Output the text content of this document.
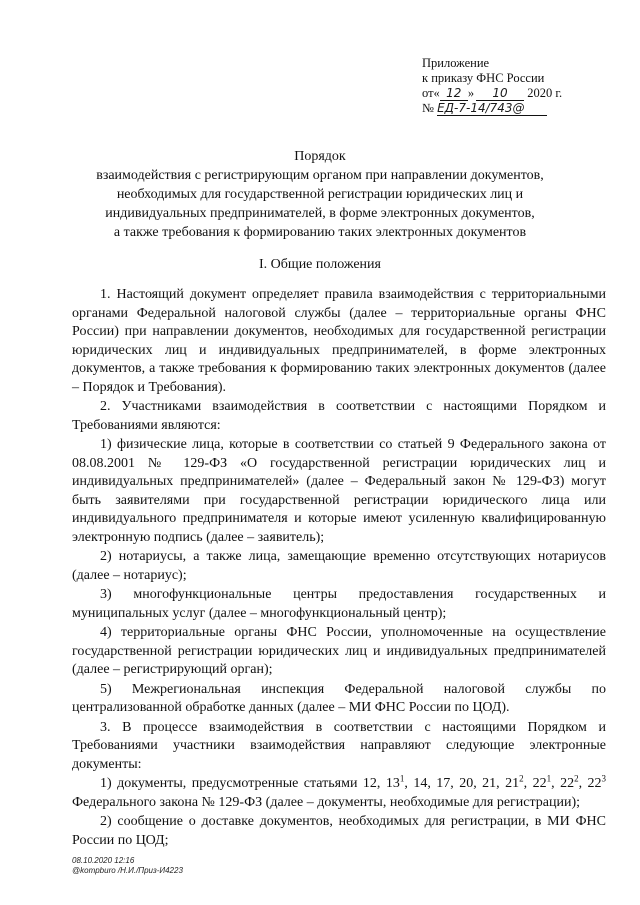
Приложение
к приказу ФНС России
от« 12 » 10 2020 г.
№ ЕД-7-14/743@
Порядок
взаимодействия с регистрирующим органом при направлении документов,
необходимых для государственной регистрации юридических лиц и
индивидуальных предпринимателей, в форме электронных документов,
а также требования к формированию таких электронных документов
I. Общие положения

1. Настоящий документ определяет правила взаимодействия с территориальными органами Федеральной налоговой службы (далее – территориальные органы ФНС России) при направлении документов, необходимых для государственной регистрации юридических лиц и индивидуальных предпринимателей, в форме электронных документов, а также требования к формированию таких электронных документов (далее – Порядок и Требования).

2. Участниками взаимодействия в соответствии с настоящими Порядком и Требованиями являются:

1) физические лица, которые в соответствии со статьей 9 Федерального закона от 08.08.2001 № 129-ФЗ «О государственной регистрации юридических лиц и индивидуальных предпринимателей» (далее – Федеральный закон № 129-ФЗ) могут быть заявителями при государственной регистрации юридического лица или индивидуального предпринимателя и которые имеют усиленную квалифицированную электронную подпись (далее – заявитель);

2) нотариусы, а также лица, замещающие временно отсутствующих нотариусов (далее – нотариус);

3) многофункциональные центры предоставления государственных и муниципальных услуг (далее – многофункциональный центр);

4) территориальные органы ФНС России, уполномоченные на осуществление государственной регистрации юридических лиц и индивидуальных предпринимателей (далее – регистрирующий орган);

5) Межрегиональная инспекция Федеральной налоговой службы по централизованной обработке данных (далее – МИ ФНС России по ЦОД).

3. В процессе взаимодействия в соответствии с настоящими Порядком и Требованиями участники взаимодействия направляют следующие электронные документы:

1) документы, предусмотренные статьями 12, $13^1$, 14, 17, 20, 21, $21^2$, $22^1$, $22^2$, $22^3$ Федерального закона № 129-ФЗ (далее – документы, необходимые для регистрации);

2) сообщение о доставке документов, необходимых для регистрации, в МИ ФНС России по ЦОД;

08.10.2020 12:16
@kompburo /Н.И./Приз-И4223
